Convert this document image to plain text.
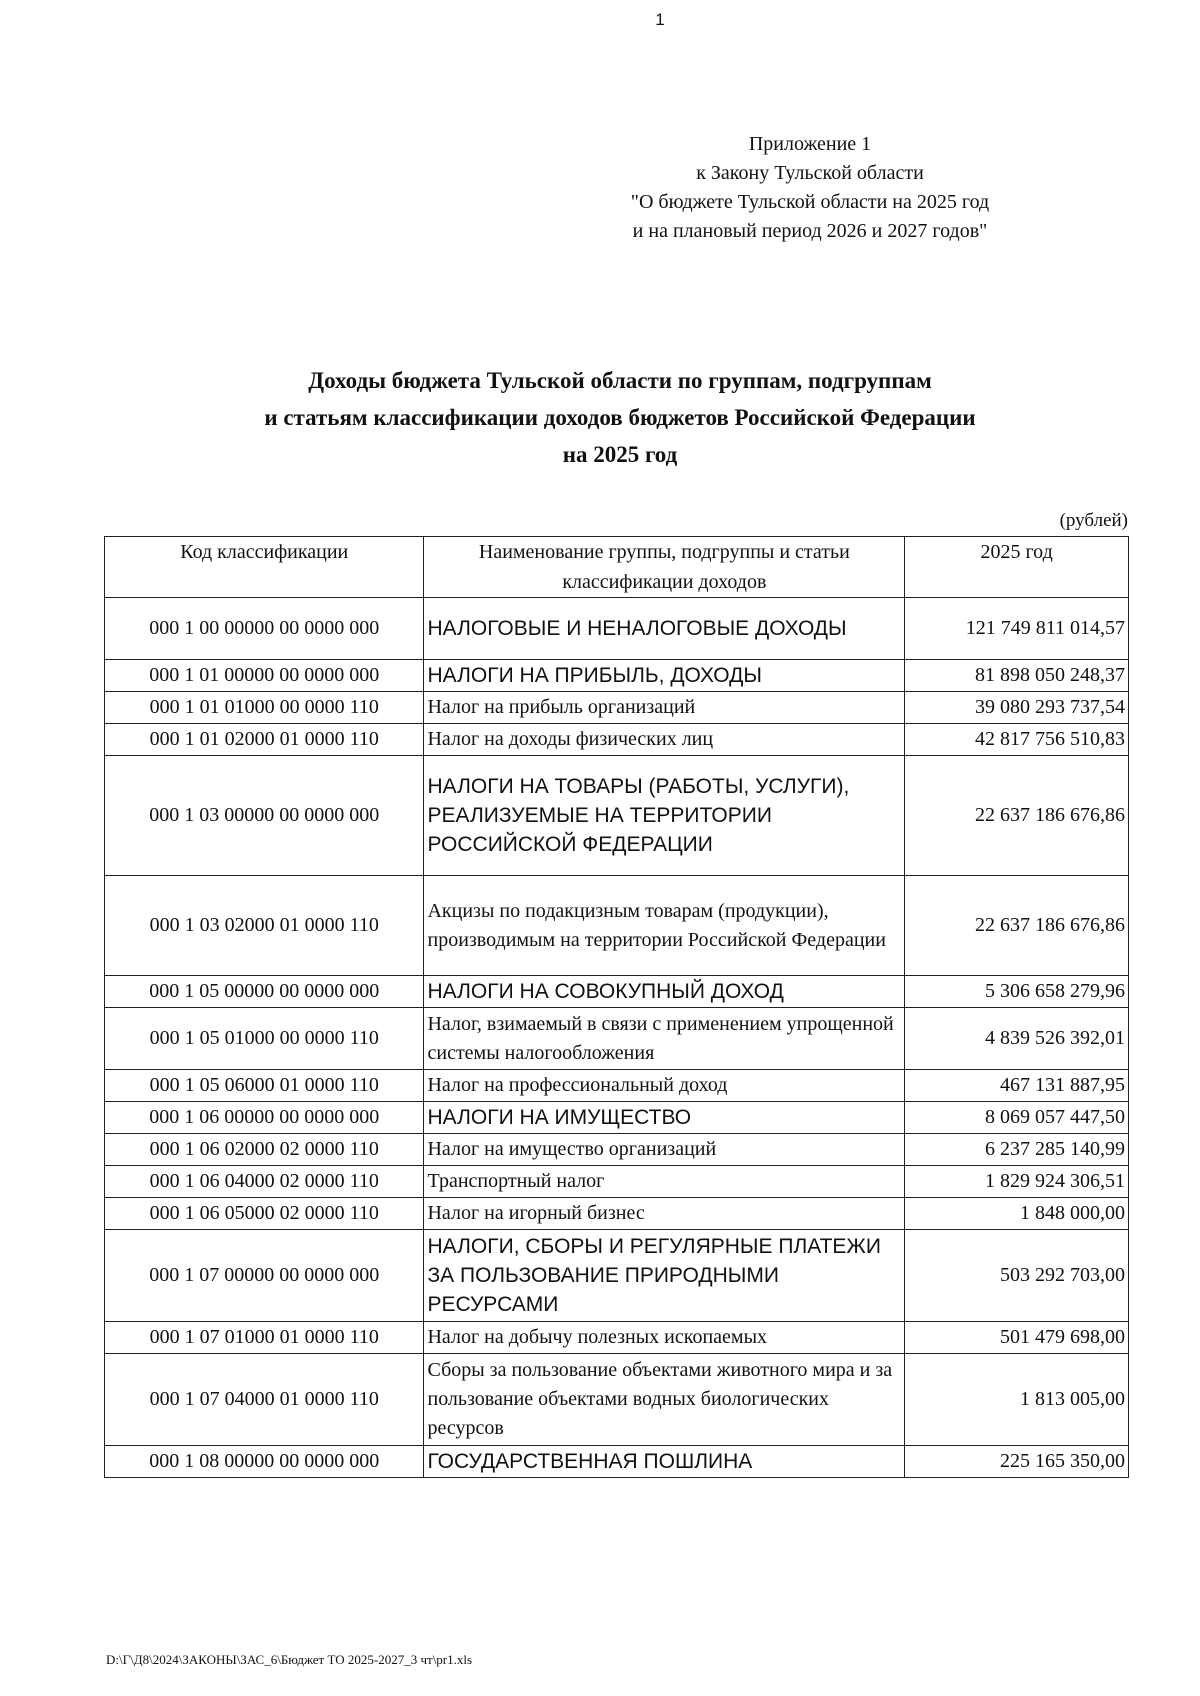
1
Приложение 1
к Закону Тульской области
"О бюджете Тульской области на 2025 год
и на плановый период 2026 и 2027 годов"
Доходы бюджета Тульской области по группам, подгруппам
и статьям классификации доходов бюджетов Российской Федерации
на 2025 год
(рублей)
Код классификации	Наименование группы, подгруппы и статьи классификации доходов	2025 год
000 1 00 00000 00 0000 000	НАЛОГОВЫЕ И НЕНАЛОГОВЫЕ ДОХОДЫ	121 749 811 014,57
000 1 01 00000 00 0000 000	НАЛОГИ НА ПРИБЫЛЬ, ДОХОДЫ	81 898 050 248,37
000 1 01 01000 00 0000 110	Налог на прибыль организаций	39 080 293 737,54
000 1 01 02000 01 0000 110	Налог на доходы физических лиц	42 817 756 510,83
000 1 03 00000 00 0000 000	НАЛОГИ НА ТОВАРЫ (РАБОТЫ, УСЛУГИ), РЕАЛИЗУЕМЫЕ НА ТЕРРИТОРИИ РОССИЙСКОЙ ФЕДЕРАЦИИ	22 637 186 676,86
000 1 03 02000 01 0000 110	Акцизы по подакцизным товарам (продукции), производимым на территории Российской Федерации	22 637 186 676,86
000 1 05 00000 00 0000 000	НАЛОГИ НА СОВОКУПНЫЙ ДОХОД	5 306 658 279,96
000 1 05 01000 00 0000 110	Налог, взимаемый в связи с применением упрощенной системы налогообложения	4 839 526 392,01
000 1 05 06000 01 0000 110	Налог на профессиональный доход	467 131 887,95
000 1 06 00000 00 0000 000	НАЛОГИ НА ИМУЩЕСТВО	8 069 057 447,50
000 1 06 02000 02 0000 110	Налог на имущество организаций	6 237 285 140,99
000 1 06 04000 02 0000 110	Транспортный налог	1 829 924 306,51
000 1 06 05000 02 0000 110	Налог на игорный бизнес	1 848 000,00
000 1 07 00000 00 0000 000	НАЛОГИ, СБОРЫ И РЕГУЛЯРНЫЕ ПЛАТЕЖИ ЗА ПОЛЬЗОВАНИЕ ПРИРОДНЫМИ РЕСУРСАМИ	503 292 703,00
000 1 07 01000 01 0000 110	Налог на добычу полезных ископаемых	501 479 698,00
000 1 07 04000 01 0000 110	Сборы за пользование объектами животного мира и за пользование объектами водных биологических ресурсов	1 813 005,00
000 1 08 00000 00 0000 000	ГОСУДАРСТВЕННАЯ ПОШЛИНА	225 165 350,00
D:\Г\Д8\2024\ЗАКОНЫ\ЗАС_6\Бюджет ТО 2025-2027_3 чт\pr1.xls
